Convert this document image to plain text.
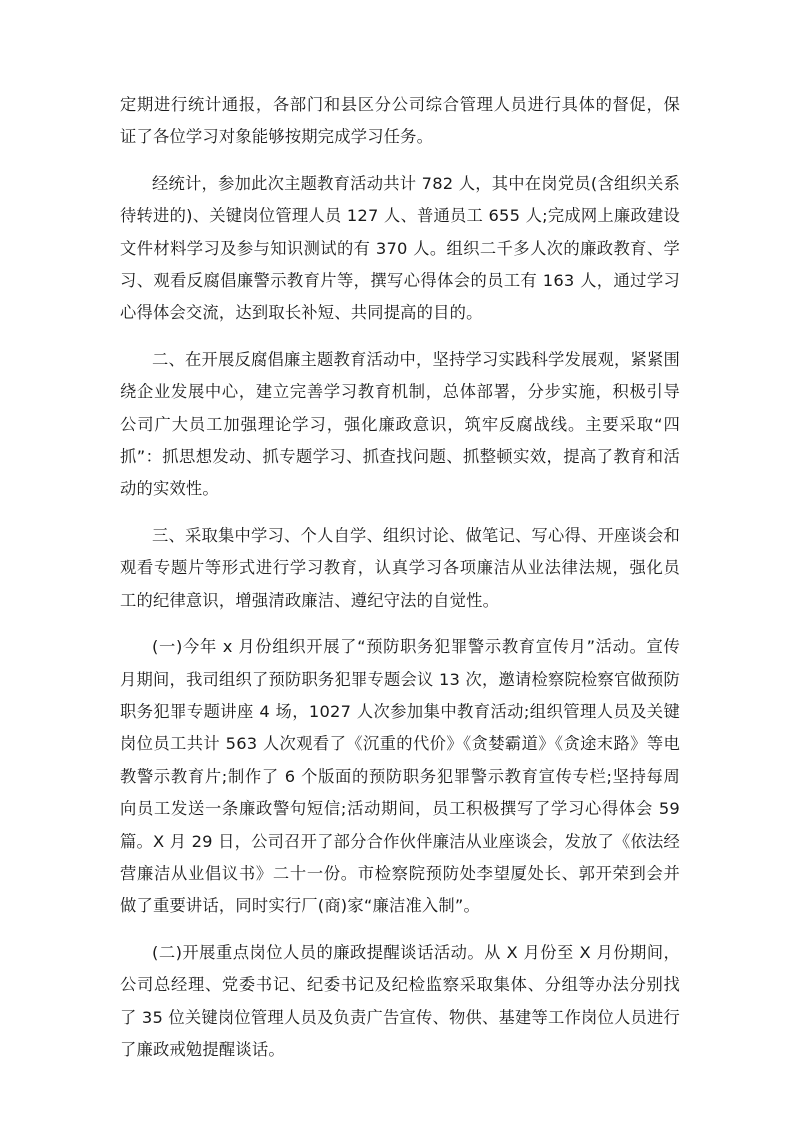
定期进行统计通报，各部门和县区分公司综合管理人员进行具体的督促，保证了各位学习对象能够按期完成学习任务。

经统计，参加此次主题教育活动共计 782 人，其中在岗党员(含组织关系待转进的)、关键岗位管理人员 127 人、普通员工 655 人;完成网上廉政建设文件材料学习及参与知识测试的有 370 人。组织二千多人次的廉政教育、学习、观看反腐倡廉警示教育片等，撰写心得体会的员工有 163 人，通过学习心得体会交流，达到取长补短、共同提高的目的。

二、在开展反腐倡廉主题教育活动中，坚持学习实践科学发展观，紧紧围绕企业发展中心，建立完善学习教育机制，总体部署，分步实施，积极引导公司广大员工加强理论学习，强化廉政意识，筑牢反腐战线。主要采取“四抓”：抓思想发动、抓专题学习、抓查找问题、抓整顿实效，提高了教育和活动的实效性。

三、采取集中学习、个人自学、组织讨论、做笔记、写心得、开座谈会和观看专题片等形式进行学习教育，认真学习各项廉洁从业法律法规，强化员工的纪律意识，增强清政廉洁、遵纪守法的自觉性。

(一)今年 x 月份组织开展了“预防职务犯罪警示教育宣传月”活动。宣传月期间，我司组织了预防职务犯罪专题会议 13 次，邀请检察院检察官做预防职务犯罪专题讲座 4 场，1027 人次参加集中教育活动;组织管理人员及关键岗位员工共计 563 人次观看了《沉重的代价》《贪婪霸道》《贪途末路》等电教警示教育片;制作了 6 个版面的预防职务犯罪警示教育宣传专栏;坚持每周向员工发送一条廉政警句短信;活动期间，员工积极撰写了学习心得体会 59 篇。X 月 29 日，公司召开了部分合作伙伴廉洁从业座谈会，发放了《依法经营廉洁从业倡议书》二十一份。市检察院预防处李望厦处长、郭开荣到会并做了重要讲话，同时实行厂(商)家“廉洁准入制”。

(二)开展重点岗位人员的廉政提醒谈话活动。从 X 月份至 X 月份期间，公司总经理、党委书记、纪委书记及纪检监察采取集体、分组等办法分别找了 35 位关键岗位管理人员及负责广告宣传、物供、基建等工作岗位人员进行了廉政戒勉提醒谈话。
